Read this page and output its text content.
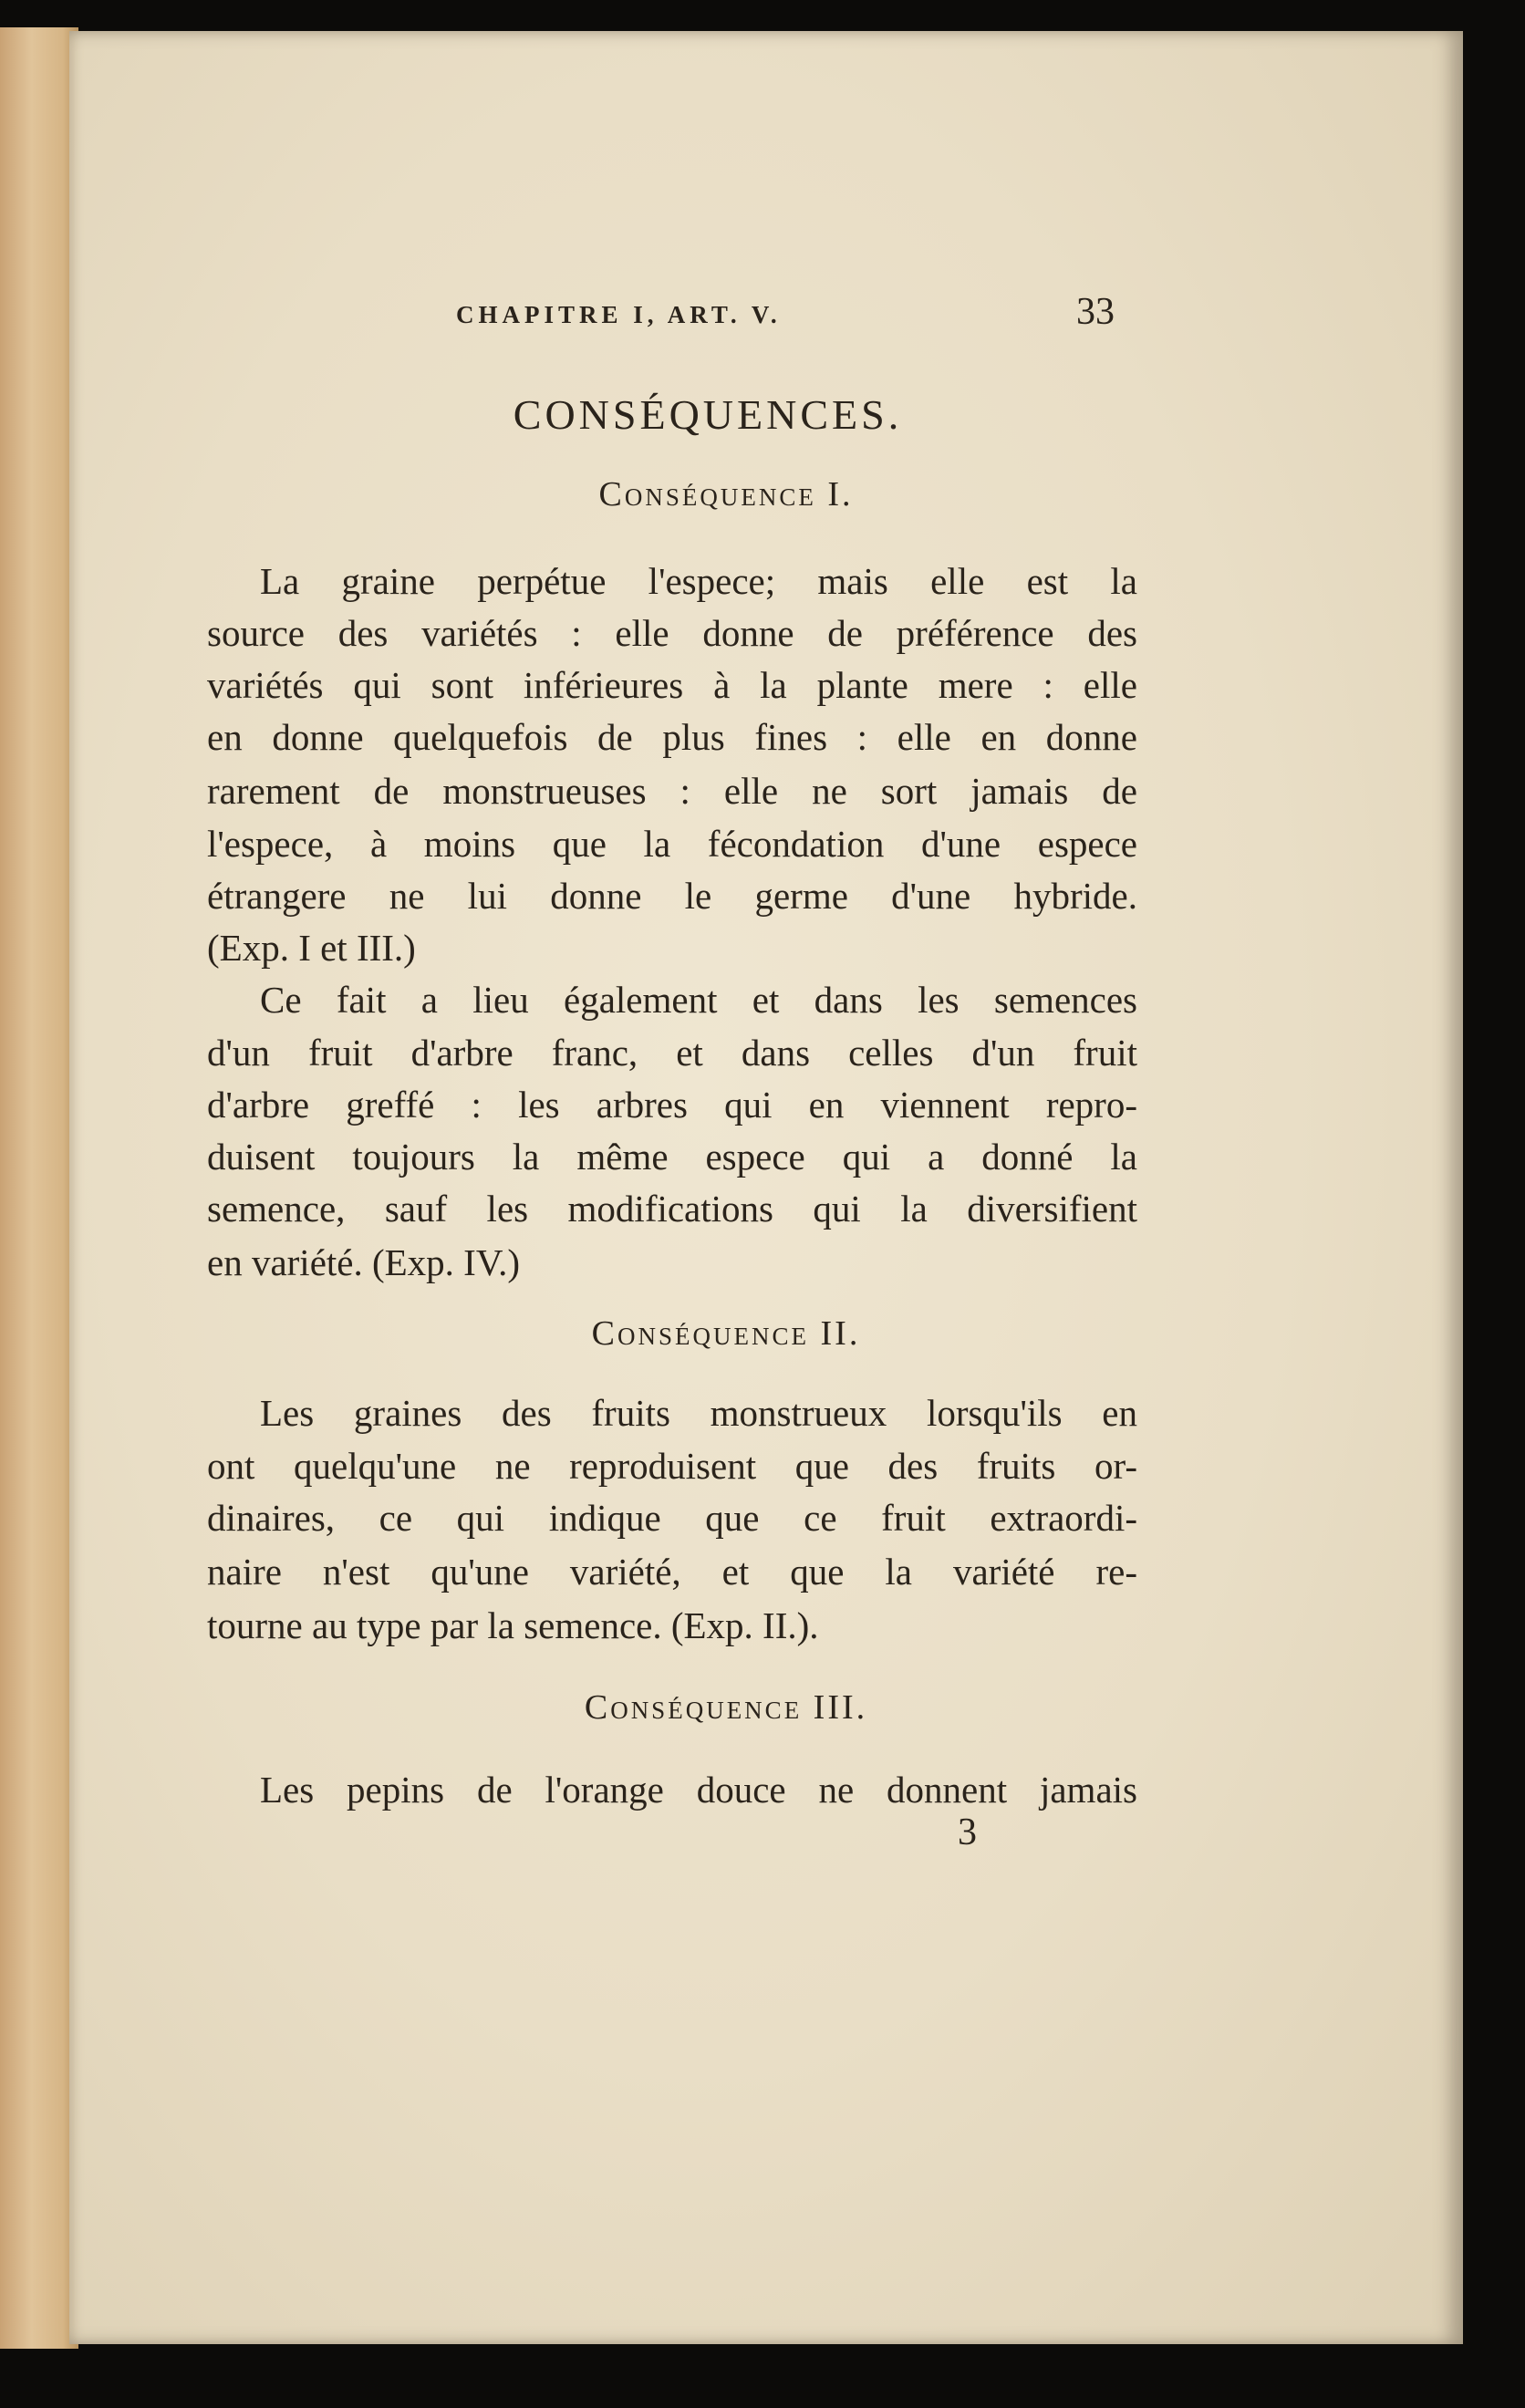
CHAPITRE I, ART. V.	33
CONSÉQUENCES.
Conséquence I.
La graine perpétue l'espece; mais elle est la
source des variétés : elle donne de préférence des
variétés qui sont inférieures à la plante mere : elle
en donne quelquefois de plus fines : elle en donne
rarement de monstrueuses : elle ne sort jamais de
l'espece, à moins que la fécondation d'une espece
étrangere ne lui donne le germe d'une hybride.
(Exp. I et III.)
Ce fait a lieu également et dans les semences
d'un fruit d'arbre franc, et dans celles d'un fruit
d'arbre greffé : les arbres qui en viennent repro-
duisent toujours la même espece qui a donné la
semence, sauf les modifications qui la diversifient
en variété. (Exp. IV.)
Conséquence II.
Les graines des fruits monstrueux lorsqu'ils en
ont quelqu'une ne reproduisent que des fruits or-
dinaires, ce qui indique que ce fruit extraordi-
naire n'est qu'une variété, et que la variété re-
tourne au type par la semence. (Exp. II.).
Conséquence III.
Les pepins de l'orange douce ne donnent jamais
3
